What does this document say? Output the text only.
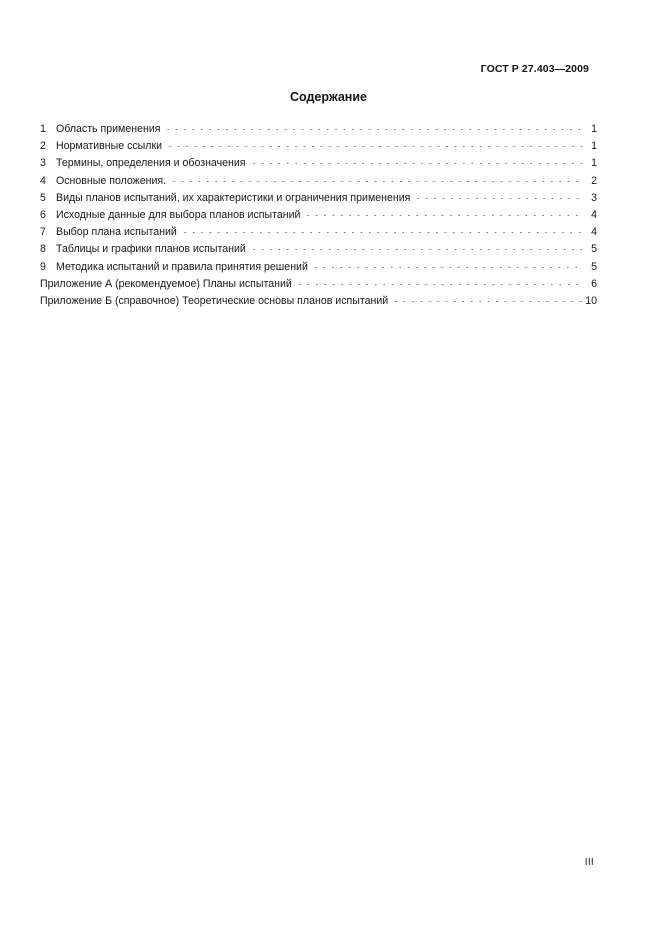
ГОСТ Р 27.403—2009
Содержание
1 Область применения	1
2 Нормативные ссылки	1
3 Термины, определения и обозначения	1
4 Основные положения.	2
5 Виды планов испытаний, их характеристики и ограничения применения	3
6 Исходные данные для выбора планов испытаний	4
7 Выбор плана испытаний	4
8 Таблицы и графики планов испытаний	5
9 Методика испытаний и правила принятия решений	5
Приложение А (рекомендуемое) Планы испытаний	6
Приложение Б (справочное) Теоретические основы планов испытаний	10
III
